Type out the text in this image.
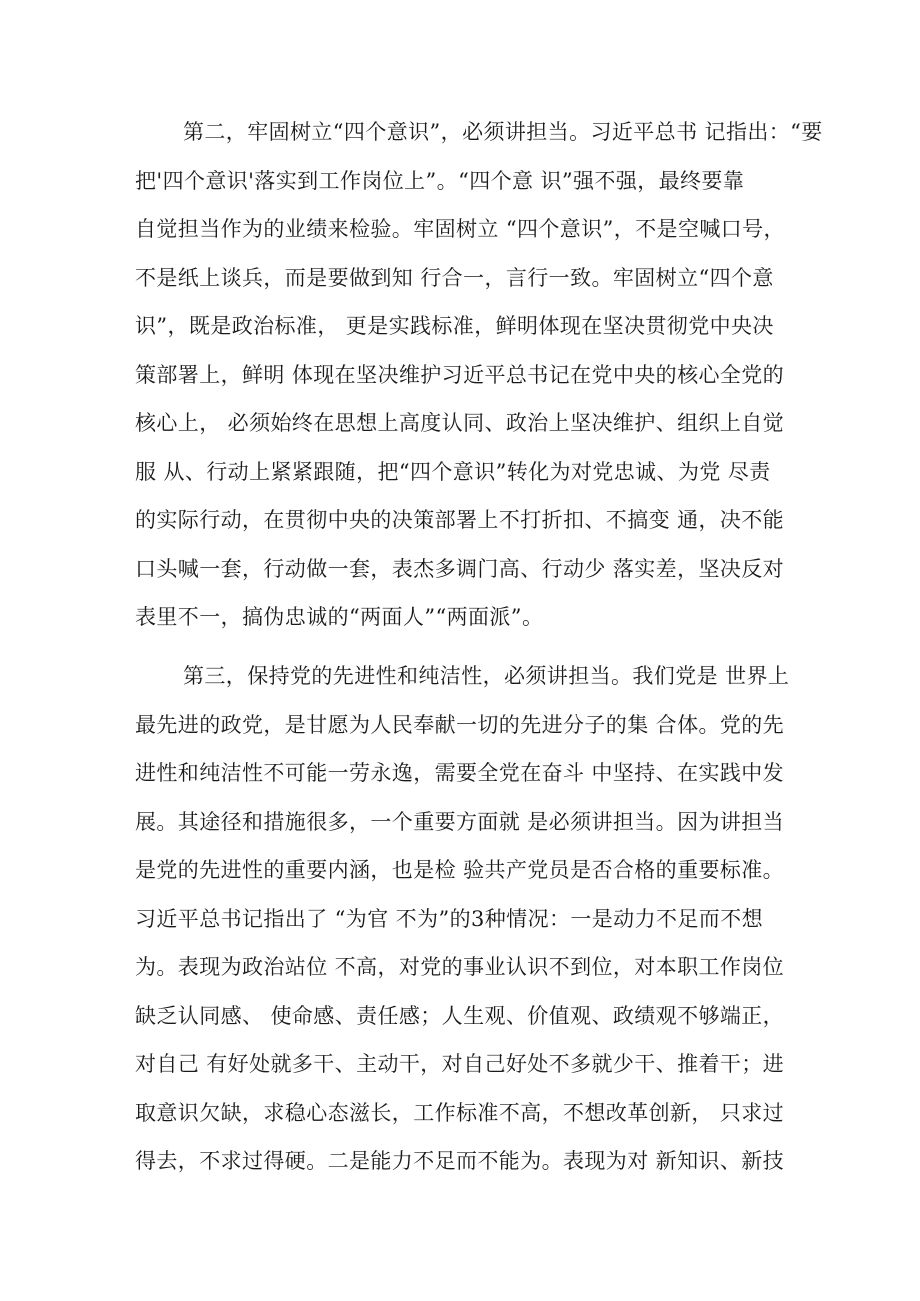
第二，牢固树立“四个意识”，必须讲担当。习近平总书 记指出：“要
把'四个意识'落实到工作岗位上”。“四个意 识”强不强，最终要靠
自觉担当作为的业绩来检验。牢固树立 “四个意识”，不是空喊口号，
不是纸上谈兵，而是要做到知 行合一，言行一致。牢固树立“四个意
识”，既是政治标准， 更是实践标准，鲜明体现在坚决贯彻党中央决
策部署上，鲜明 体现在坚决维护习近平总书记在党中央的核心全党的
核心上， 必须始终在思想上高度认同、政治上坚决维护、组织上自觉
服 从、行动上紧紧跟随，把“四个意识”转化为对党忠诚、为党 尽责
的实际行动，在贯彻中央的决策部署上不打折扣、不搞变 通，决不能
口头喊一套，行动做一套，表杰多调门高、行动少 落实差，坚决反对
表里不一，搞伪忠诚的“两面人”“两面派”。

第三，保持党的先进性和纯洁性，必须讲担当。我们党是 世界上
最先进的政党，是甘愿为人民奉献一切的先进分子的集 合体。党的先
进性和纯洁性不可能一劳永逸，需要全党在奋斗 中坚持、在实践中发
展。其途径和措施很多，一个重要方面就 是必须讲担当。因为讲担当
是党的先进性的重要内涵，也是检 验共产党员是否合格的重要标准。
习近平总书记指出了 “为官 不为”的3种情况：一是动力不足而不想
为。表现为政治站位 不高，对党的事业认识不到位，对本职工作岗位
缺乏认同感、 使命感、责任感；人生观、价值观、政绩观不够端正，
对自己 有好处就多干、主动干，对自己好处不多就少干、推着干；进
取意识欠缺，求稳心态滋长，工作标准不高，不想改革创新， 只求过
得去，不求过得硬。二是能力不足而不能为。表现为对 新知识、新技
